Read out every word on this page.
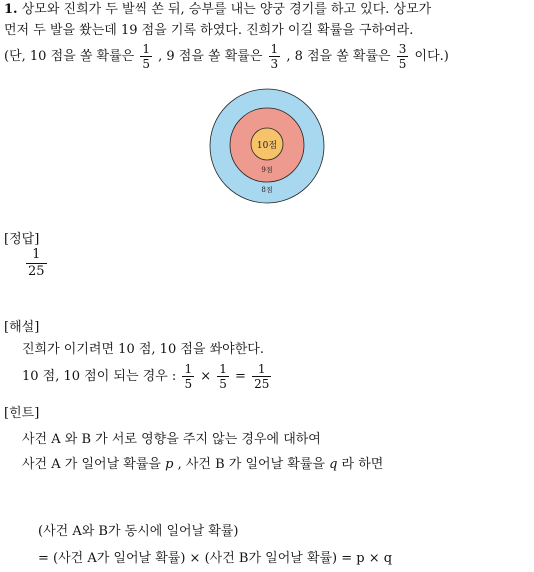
1. 상모와 진희가 두 발씩 쏜 뒤, 승부를 내는 양궁 경기를 하고 있다. 상모가
먼저 두 발을 쐈는데 19 점을 기록 하였다. 진희가 이길 확률을 구하여라.
(단, 10 점을 쏠 확률은 $\frac{1}{5}$ , 9 점을 쏠 확률은 $\frac{1}{3}$ , 8 점을 쏠 확률은 $\frac{3}{5}$ 이다.)
10점
9점
8점
[정답]
$\frac{1}{25}$
[해설]
진희가 이기려면 10 점, 10 점을 쏴야한다.
10 점, 10 점이 되는 경우 : $\frac{1}{5} \times \frac{1}{5} = \frac{1}{25}$
[힌트]
사건 A 와 B 가 서로 영향을 주지 않는 경우에 대하여
사건 A 가 일어날 확률을 p , 사건 B 가 일어날 확률을 q 라 하면
(사건 A와 B가 동시에 일어날 확률)
= (사건 A가 일어날 확률) × (사건 B가 일어날 확률) = p × q
